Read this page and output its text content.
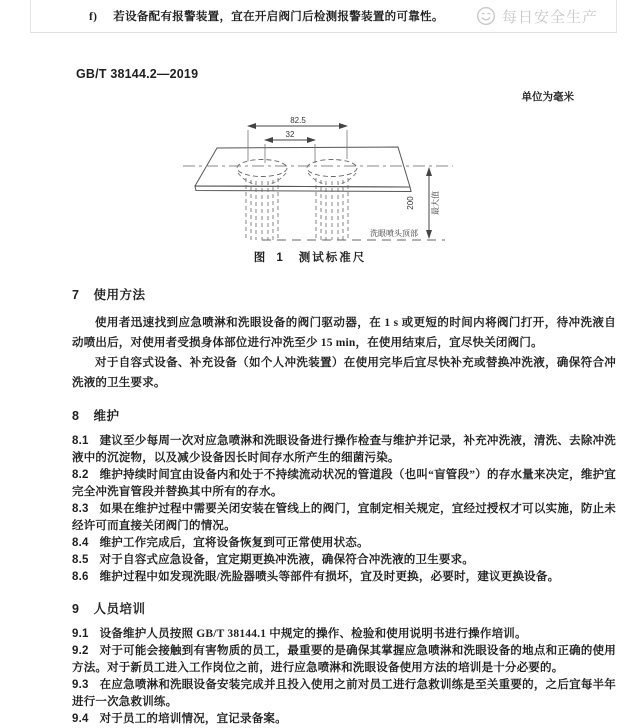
f) 若设备配有报警装置，宜在开启阀门后检测报警装置的可靠性。	每日安全生产
GB/T 38144.2—2019
单位为毫米
82.5
32
洗眼喷头顶部
200 最大值
图 1 测试标准尺
7 使用方法

使用者迅速找到应急喷淋和洗眼设备的阀门驱动器，在 1 s 或更短的时间内将阀门打开，待冲洗液自动喷出后，对使用者受损身体部位进行冲洗至少 15 min，在使用结束后，宜尽快关闭阀门。

对于自容式设备、补充设备（如个人冲洗装置）在使用完毕后宜尽快补充或替换冲洗液，确保符合冲洗液的卫生要求。

8 维护

8.1 建议至少每周一次对应急喷淋和洗眼设备进行操作检查与维护并记录，补充冲洗液，清洗、去除冲洗液中的沉淀物，以及减少设备因长时间存水所产生的细菌污染。

8.2 维护持续时间宜由设备内和处于不持续流动状况的管道段（也叫“盲管段”）的存水量来决定，维护宜完全冲洗盲管段并替换其中所有的存水。

8.3 如果在维护过程中需要关闭安装在管线上的阀门，宜制定相关规定，宜经过授权才可以实施，防止未经许可而直接关闭阀门的情况。

8.4 维护工作完成后，宜将设备恢复到可正常使用状态。

8.5 对于自容式应急设备，宜定期更换冲洗液，确保符合冲洗液的卫生要求。

8.6 维护过程中如发现洗眼/洗脸器喷头等部件有损坏，宜及时更换，必要时，建议更换设备。

9 人员培训

9.1 设备维护人员按照 GB/T 38144.1 中规定的操作、检验和使用说明书进行操作培训。

9.2 对于可能会接触到有害物质的员工，最重要的是确保其掌握应急喷淋和洗眼设备的地点和正确的使用方法。对于新员工进入工作岗位之前，进行应急喷淋和洗眼设备使用方法的培训是十分必要的。

9.3 在应急喷淋和洗眼设备安装完成并且投入使用之前对员工进行急救训练是至关重要的，之后宜每半年进行一次急救训练。

9.4 对于员工的培训情况，宜记录备案。
